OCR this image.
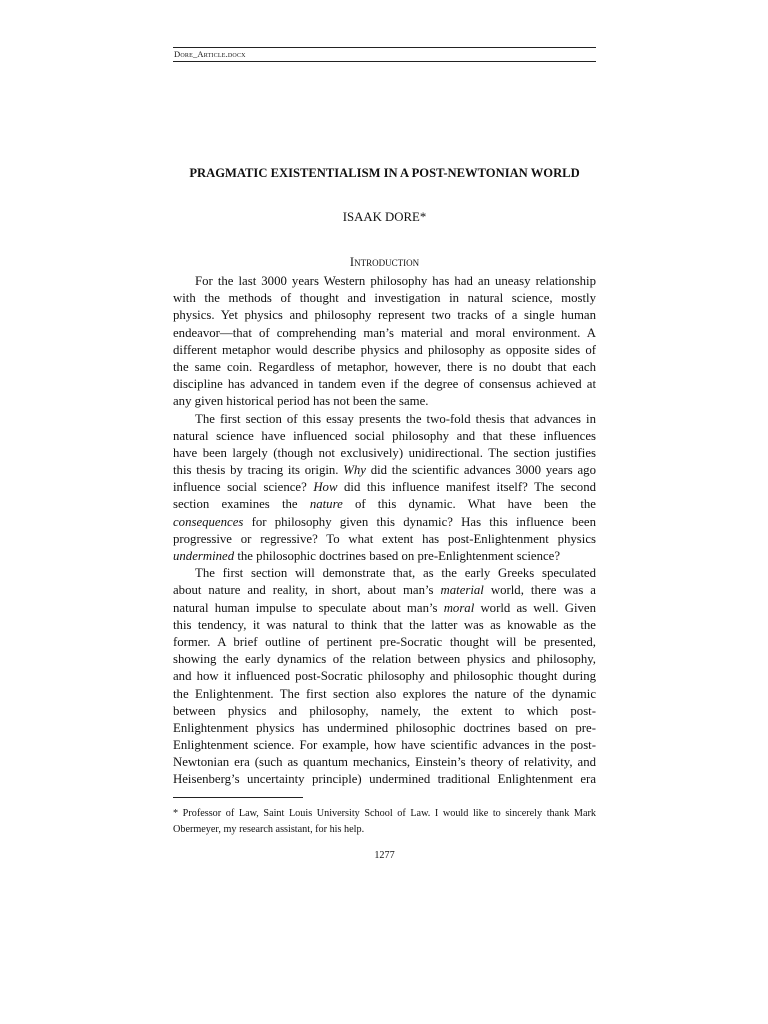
Dore_Article.docx
PRAGMATIC EXISTENTIALISM IN A POST-NEWTONIAN WORLD
ISAAK DORE*
Introduction
For the last 3000 years Western philosophy has had an uneasy relationship
with the methods of thought and investigation in natural science, mostly
physics. Yet physics and philosophy represent two tracks of a single human
endeavor—that of comprehending man’s material and moral environment. A
different metaphor would describe physics and philosophy as opposite sides of
the same coin. Regardless of metaphor, however, there is no doubt that each
discipline has advanced in tandem even if the degree of consensus achieved at
any given historical period has not been the same.
The first section of this essay presents the two-fold thesis that advances in
natural science have influenced social philosophy and that these influences
have been largely (though not exclusively) unidirectional. The section justifies
this thesis by tracing its origin. Why did the scientific advances 3000 years ago
influence social science? How did this influence manifest itself? The second
section examines the nature of this dynamic. What have been the
consequences for philosophy given this dynamic? Has this influence been
progressive or regressive? To what extent has post-Enlightenment physics
undermined the philosophic doctrines based on pre-Enlightenment science?
The first section will demonstrate that, as the early Greeks speculated
about nature and reality, in short, about man’s material world, there was a
natural human impulse to speculate about man’s moral world as well. Given
this tendency, it was natural to think that the latter was as knowable as the
former. A brief outline of pertinent pre-Socratic thought will be presented,
showing the early dynamics of the relation between physics and philosophy,
and how it influenced post-Socratic philosophy and philosophic thought during
the Enlightenment. The first section also explores the nature of the dynamic
between physics and philosophy, namely, the extent to which post-
Enlightenment physics has undermined philosophic doctrines based on pre-
Enlightenment science. For example, how have scientific advances in the post-
Newtonian era (such as quantum mechanics, Einstein’s theory of relativity, and
Heisenberg’s uncertainty principle) undermined traditional Enlightenment era
* Professor of Law, Saint Louis University School of Law. I would like to sincerely thank Mark
Obermeyer, my research assistant, for his help.
1277
